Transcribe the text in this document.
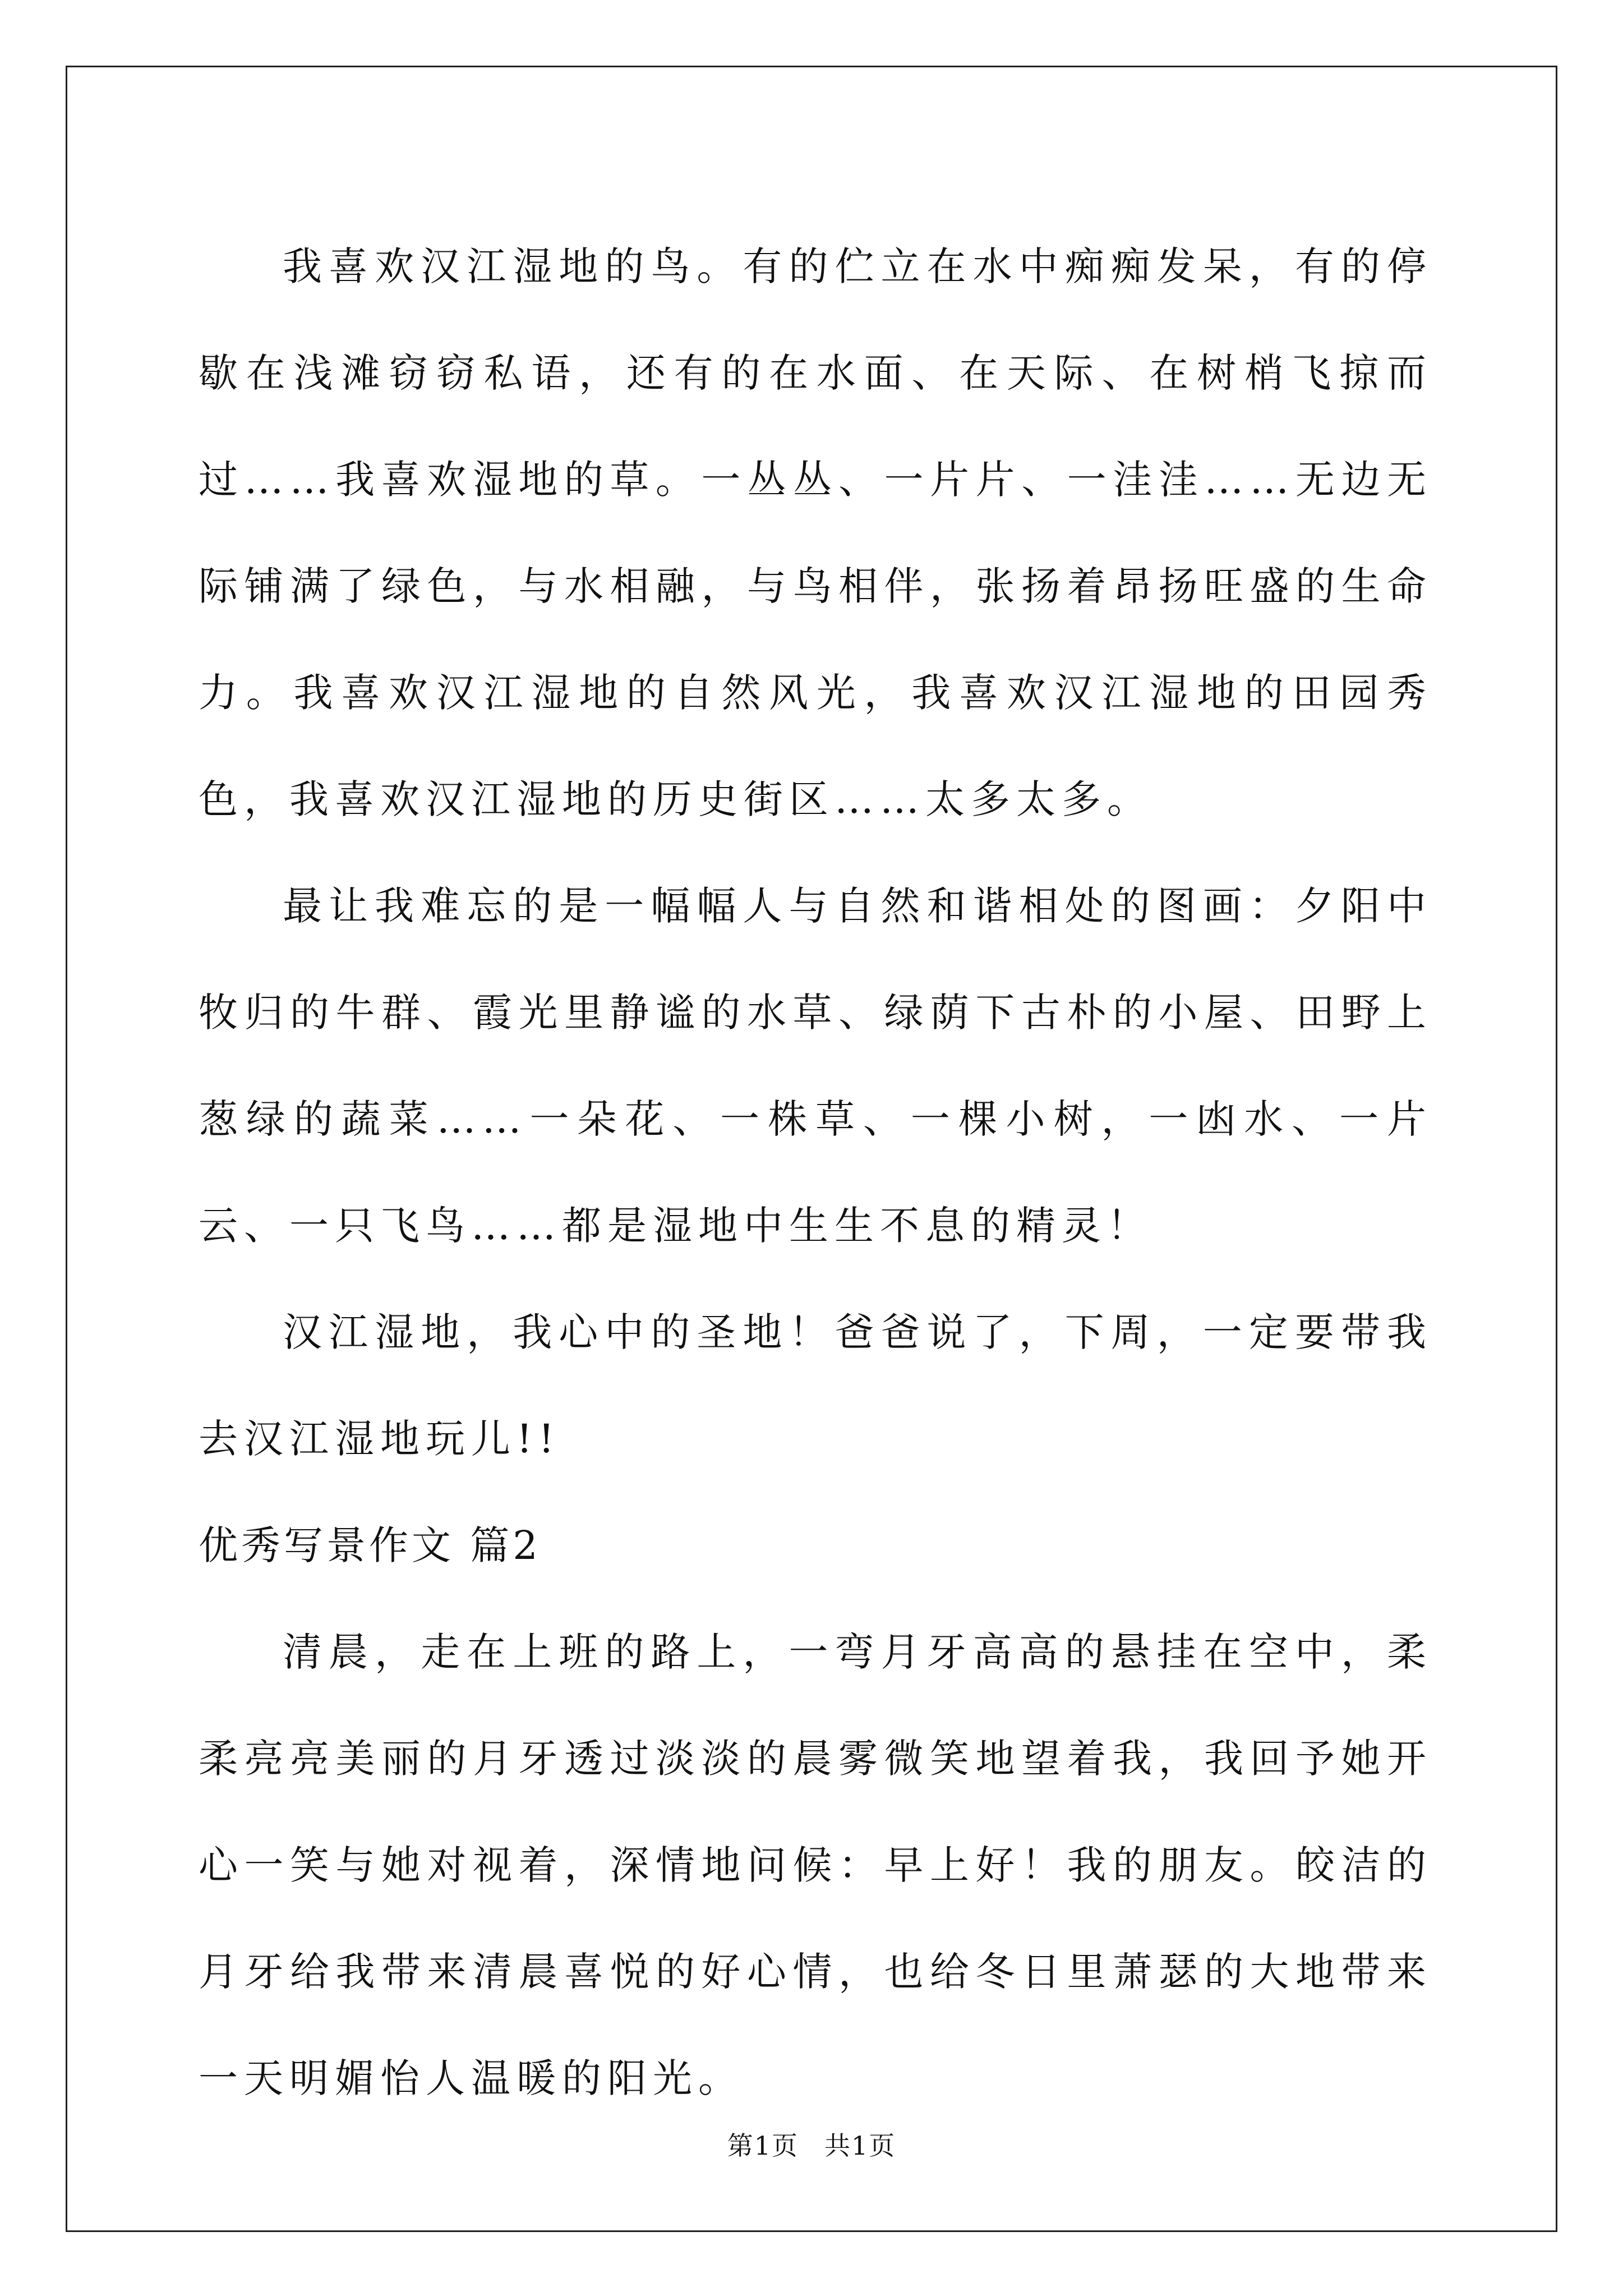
我喜欢汉江湿地的鸟。有的伫立在水中痴痴发呆，有的停歇在浅滩窃窃私语，还有的在水面、在天际、在树梢飞掠而过……我喜欢湿地的草。一丛丛、一片片、一洼洼……无边无际铺满了绿色，与水相融，与鸟相伴，张扬着昂扬旺盛的生命力。我喜欢汉江湿地的自然风光，我喜欢汉江湿地的田园秀色，我喜欢汉江湿地的历史街区……太多太多。

最让我难忘的是一幅幅人与自然和谐相处的图画：夕阳中牧归的牛群、霞光里静谧的水草、绿荫下古朴的小屋、田野上葱绿的蔬菜……一朵花、一株草、一棵小树，一凼水、一片云、一只飞鸟……都是湿地中生生不息的精灵！

汉江湿地，我心中的圣地！爸爸说了，下周，一定要带我去汉江湿地玩儿!!

优秀写景作文 篇2

清晨，走在上班的路上，一弯月牙高高的悬挂在空中，柔柔亮亮美丽的月牙透过淡淡的晨雾微笑地望着我，我回予她开心一笑与她对视着，深情地问候：早上好！我的朋友。皎洁的月牙给我带来清晨喜悦的好心情，也给冬日里萧瑟的大地带来一天明媚怡人温暖的阳光。

第1页 共1页
